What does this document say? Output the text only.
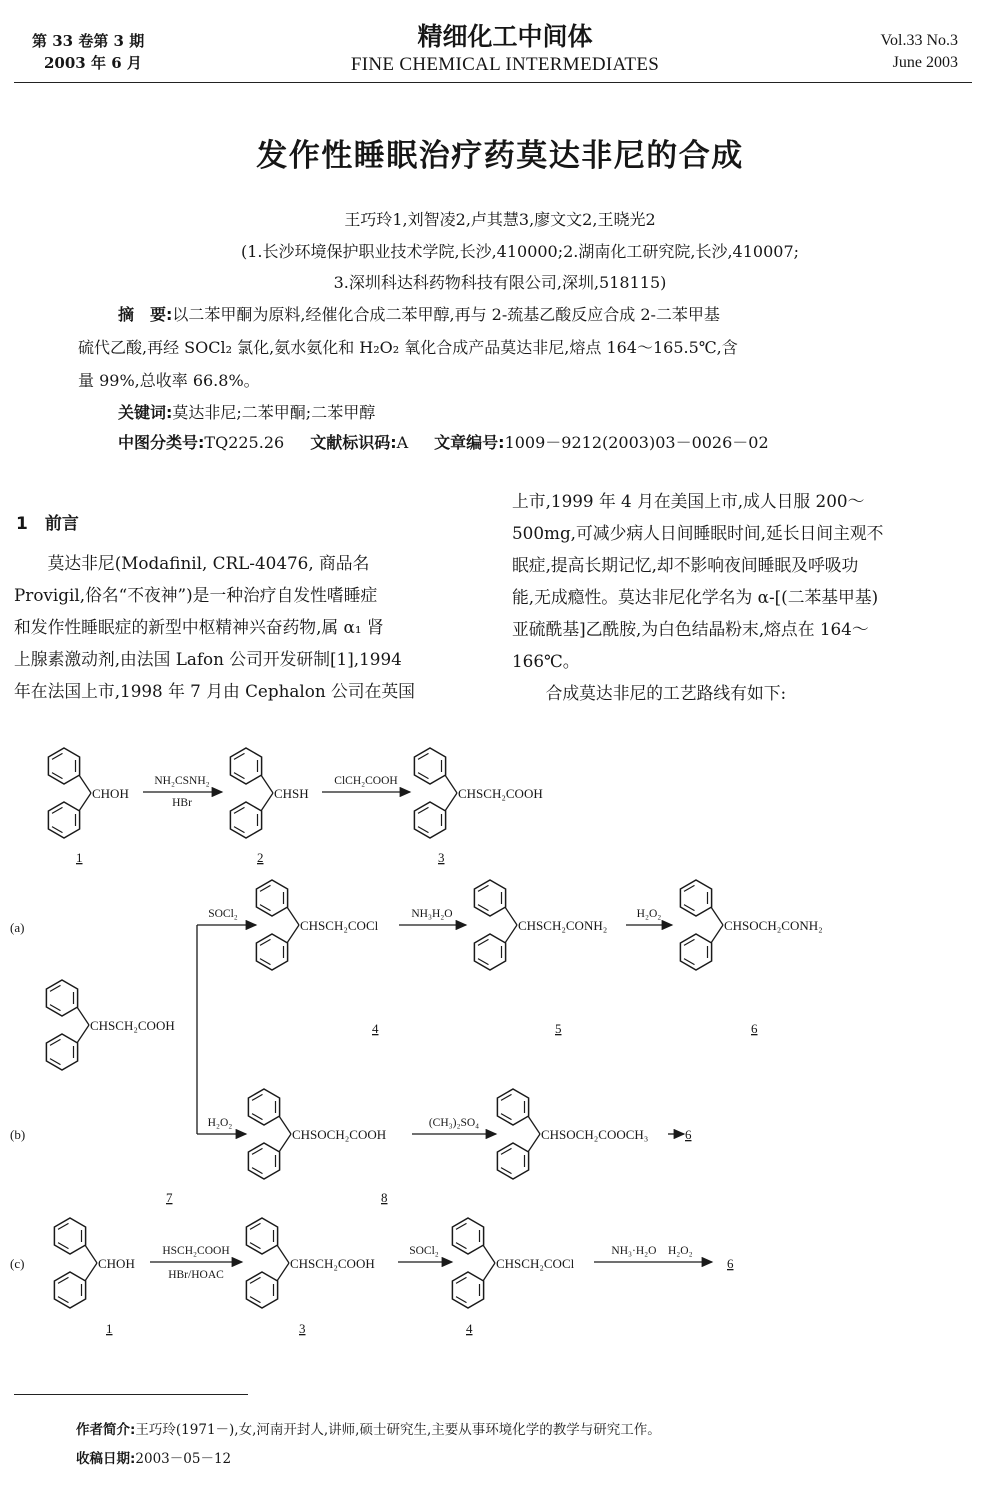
第 33 卷第 3 期
2003 年 6 月
精细化工中间体
FINE CHEMICAL INTERMEDIATES
Vol.33 No.3
June 2003
发作性睡眠治疗药莫达非尼的合成
王巧玲1,刘智凌2,卢其慧3,廖文文2,王晓光2
(1.长沙环境保护职业技术学院,长沙,410000;2.湖南化工研究院,长沙,410007;
3.深圳科达科药物科技有限公司,深圳,518115)
摘　要:以二苯甲酮为原料,经催化合成二苯甲醇,再与 2-巯基乙酸反应合成 2-二苯甲基
硫代乙酸,再经 SOCl₂ 氯化,氨水氨化和 H₂O₂ 氧化合成产品莫达非尼,熔点 164～165.5℃,含
量 99%,总收率 66.8%。
关键词:莫达非尼;二苯甲酮;二苯甲醇
中图分类号:TQ225.26 文献标识码:A 文章编号:1009－9212(2003)03－0026－02
1　前言
　　莫达非尼(Modafinil, CRL-40476, 商品名
Provigil,俗名“不夜神”)是一种治疗自发性嗜睡症
和发作性睡眠症的新型中枢精神兴奋药物,属 α₁ 肾
上腺素激动剂,由法国 Lafon 公司开发研制[1],1994
年在法国上市,1998 年 7 月由 Cephalon 公司在英国
上市,1999 年 4 月在美国上市,成人日服 200～
500mg,可减少病人日间睡眠时间,延长日间主观不
眠症,提高长期记忆,却不影响夜间睡眠及呼吸功
能,无成瘾性。莫达非尼化学名为 α-[(二苯基甲基)
亚硫酰基]乙酰胺,为白色结晶粉末,熔点在 164～
166℃。
　　合成莫达非尼的工艺路线有如下:
CHOH
NH₂CSNH₂
HBr
CHSH
ClCH₂COOH
CHSCH₂COOH
1	2	3
(a)
(b)
CHSCH₂COOH
SOCl₂
H₂O₂
CHSCH₂COCl
NH₃H₂O
CHSCH₂CONH₂
H₂O₂
CHSOCH₂CONH₂
4	5	6
CHSOCH₂COOH
(CH₃)₂SO₄
CHSOCH₂COOCH₃	6
7	8
(c)	CHOH
HSCH₂COOH
HBr/HOAC
CHSCH₂COOH
SOCl₂
CHSCH₂COCl
NH₃·H₂O　H₂O₂
6
1	3	4
作者简介:王巧玲(1971－),女,河南开封人,讲师,硕士研究生,主要从事环境化学的教学与研究工作。
收稿日期:2003－05－12
